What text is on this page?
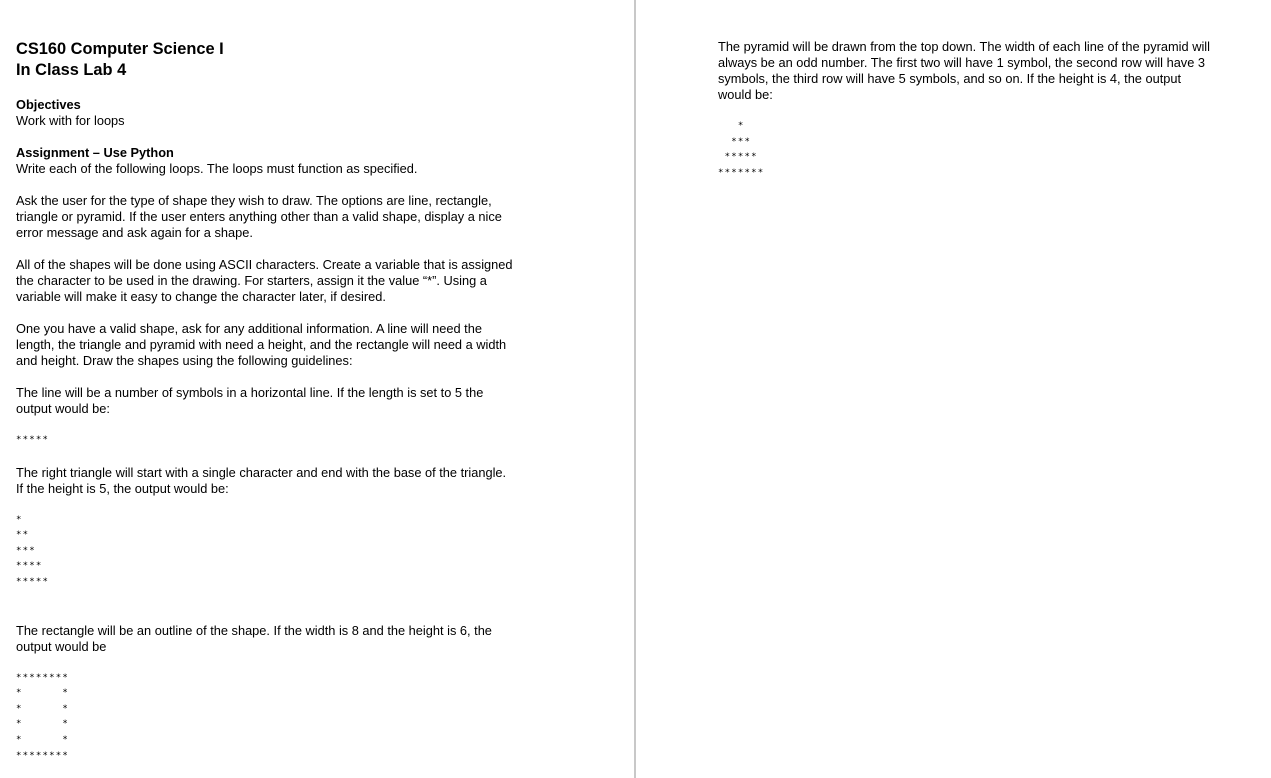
CS160 Computer Science I
In Class Lab 4
Objectives
Work with for loops
Assignment – Use Python
Write each of the following loops. The loops must function as specified.
Ask the user for the type of shape they wish to draw. The options are line, rectangle,
triangle or pyramid. If the user enters anything other than a valid shape, display a nice
error message and ask again for a shape.
All of the shapes will be done using ASCII characters. Create a variable that is assigned
the character to be used in the drawing. For starters, assign it the value “*”. Using a
variable will make it easy to change the character later, if desired.
One you have a valid shape, ask for any additional information. A line will need the
length, the triangle and pyramid with need a height, and the rectangle will need a width
and height. Draw the shapes using the following guidelines:
The line will be a number of symbols in a horizontal line. If the length is set to 5 the
output would be:
*****
The right triangle will start with a single character and end with the base of the triangle.
If the height is 5, the output would be:
*
**
***
****
*****
The rectangle will be an outline of the shape. If the width is 8 and the height is 6, the
output would be
********
*      *
*      *
*      *
*      *
********
The pyramid will be drawn from the top down. The width of each line of the pyramid will
always be an odd number. The first two will have 1 symbol, the second row will have 3
symbols, the third row will have 5 symbols, and so on. If the height is 4, the output
would be:
*
***
*****
*******
